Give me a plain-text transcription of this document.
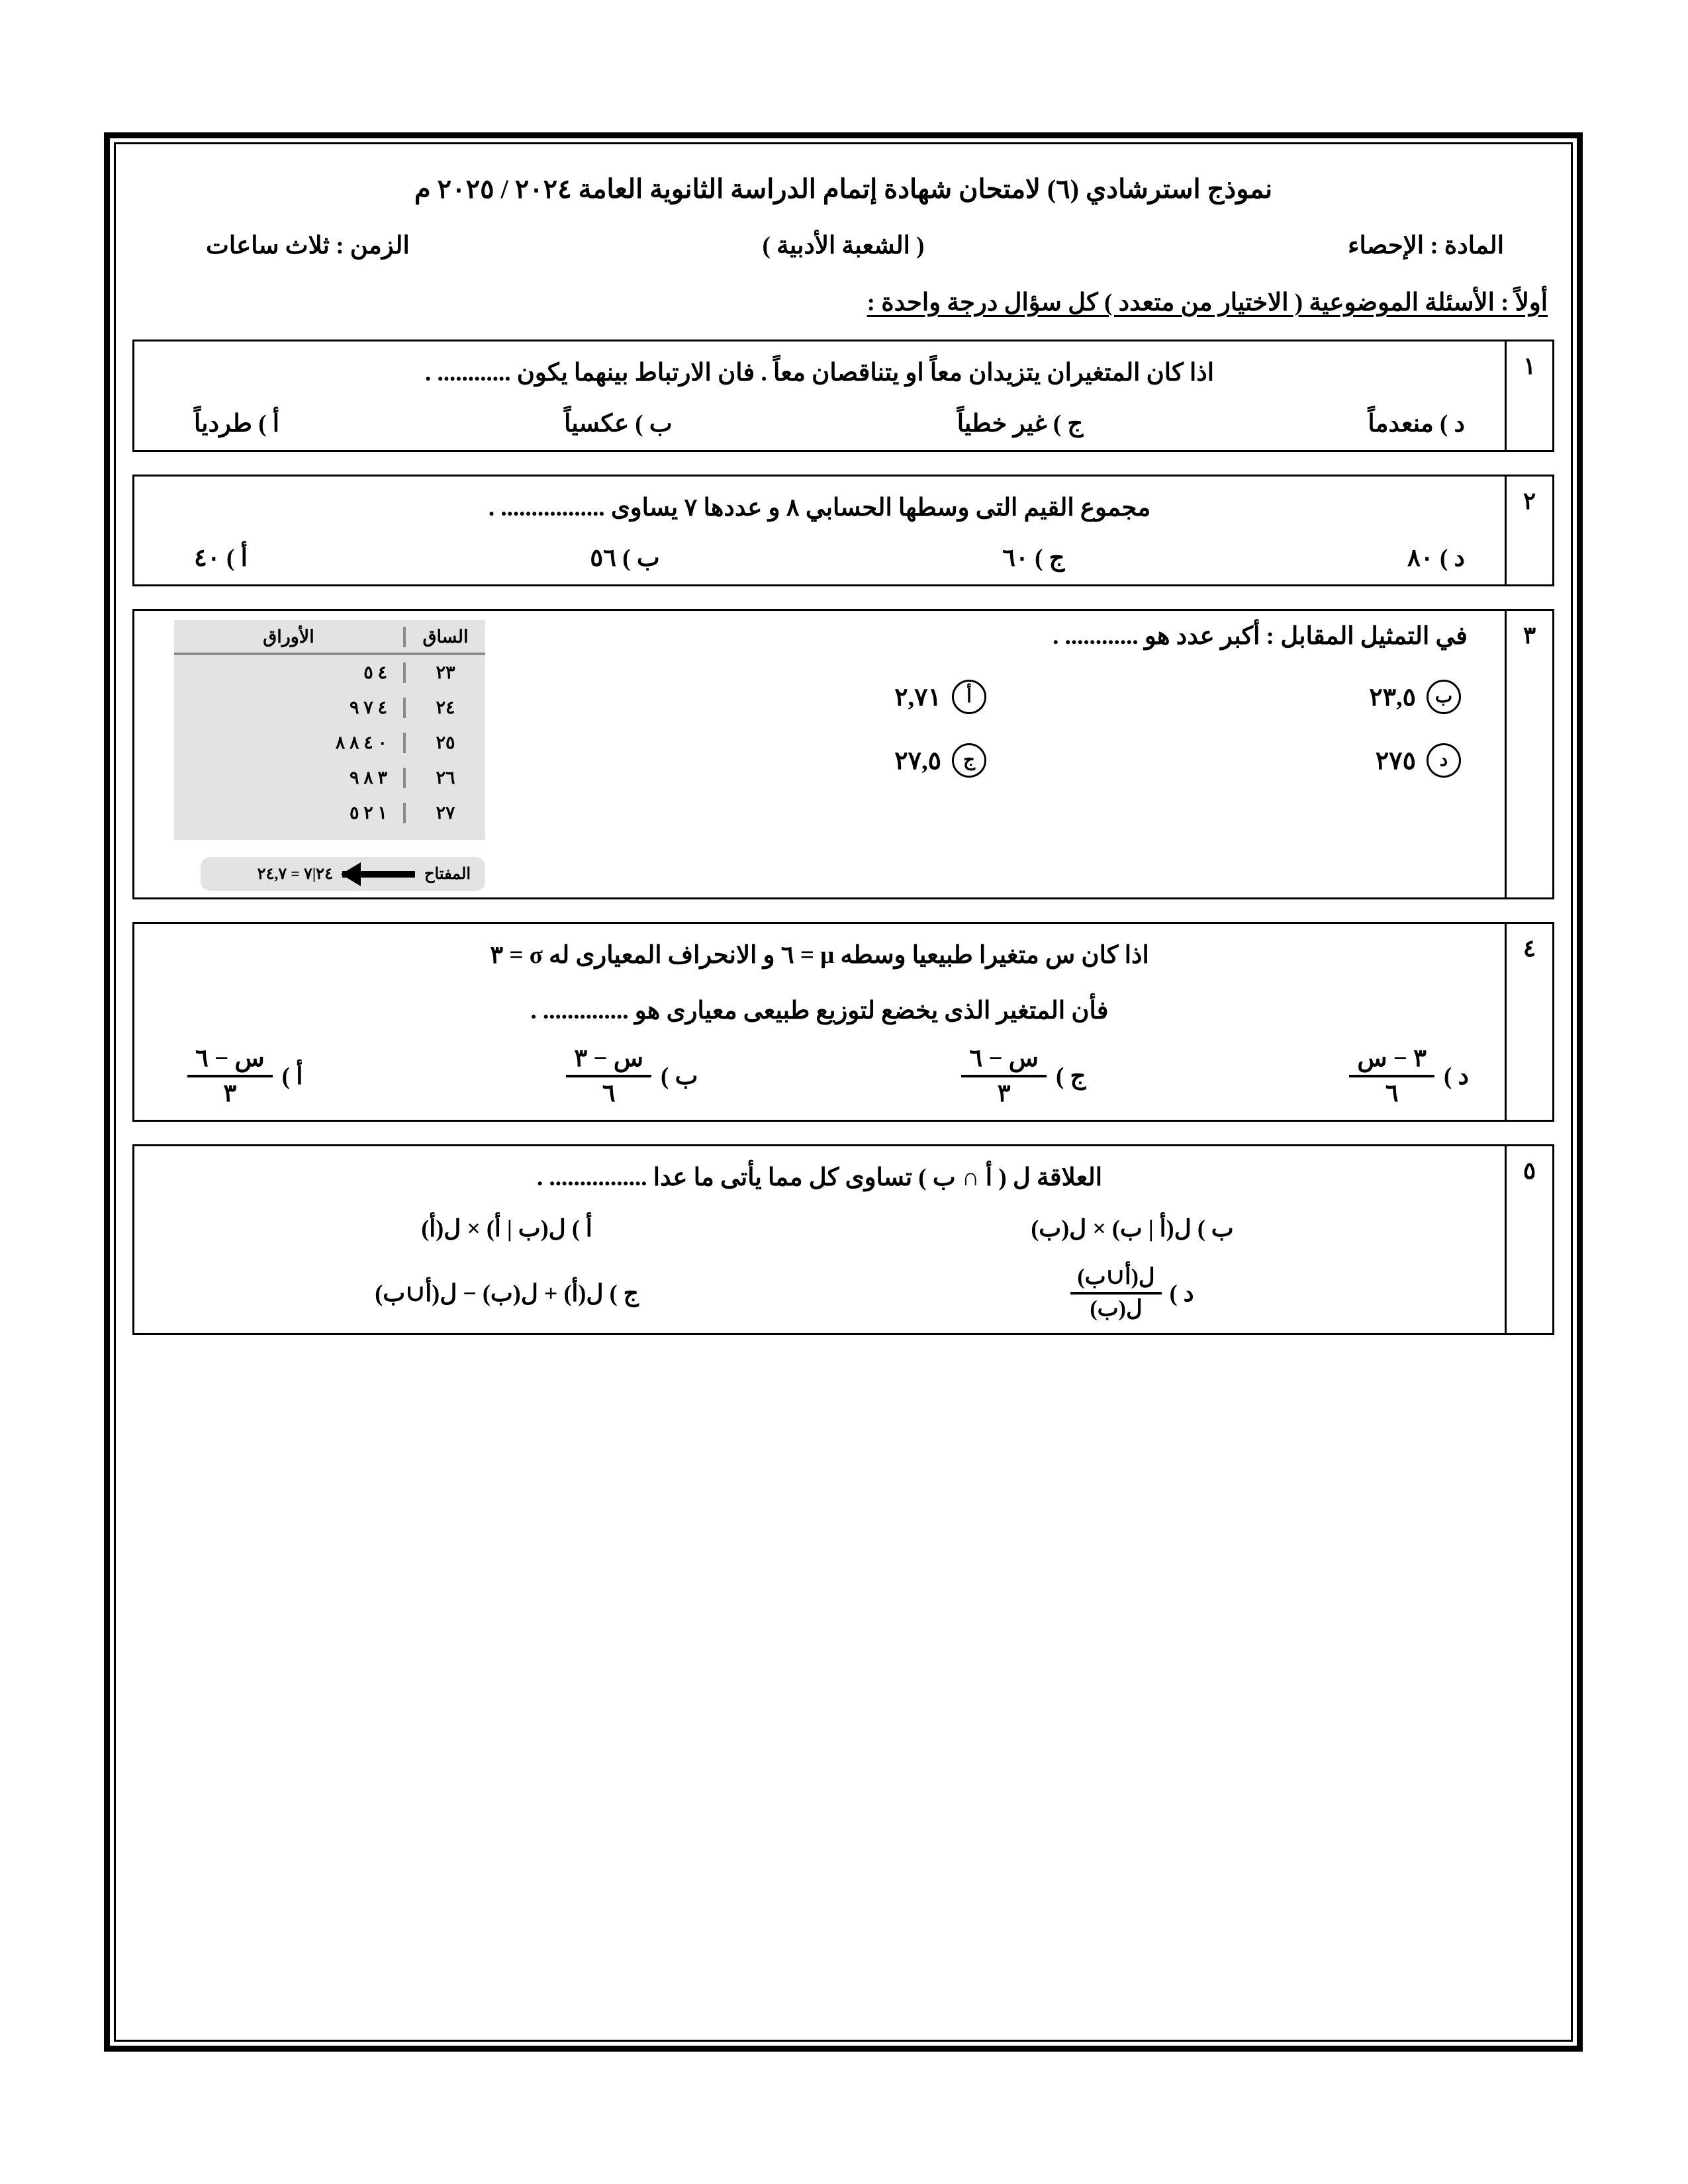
نموذج استرشادي (٦) لامتحان شهادة إتمام الدراسة الثانوية العامة ٢٠٢٤ / ٢٠٢٥ م
المادة : الإحصاء
( الشعبة الأدبية )
الزمن : ثلاث ساعات
أولاً : الأسئلة الموضوعية ( الاختيار من متعدد ) كل سؤال درجة واحدة :
١
اذا كان المتغيران يتزيدان معاً او يتناقصان معاً . فان الارتباط بينهما يكون ............ .
د ) منعدماً
ج ) غير خطياً
ب ) عكسياً
أ ) طردياً
٢
مجموع القيم التى وسطها الحسابي ٨ و عددها ٧ يساوى ................. .
د ) ٨٠
ج ) ٦٠
ب ) ٥٦
أ ) ٤٠
٣
في التمثيل المقابل : أكبر عدد هو ............ .
ب
٢٣,٥
أ
٢,٧١
د
٢٧٥
ج
٢٧,٥
الساق
الأوراق
٢٣
٤ ٥
٢٤
٤ ٧ ٩
٢٥
٠ ٤ ٨ ٨
٢٦
٣ ٨ ٩
٢٧
١ ٢ ٥
المفتاح
٢٤|٧ = ٢٤,٧
٤
اذا كان س متغيرا طبيعيا وسطه μ = ٦ و الانحراف المعيارى له σ = ٣
فأن المتغير الذى يخضع لتوزيع طبيعى معيارى هو .............. .
د )
$\frac{\text{٣ − س}}{٦}$
ج )
$\frac{\text{س − ٦}}{٣}$
ب )
$\frac{\text{س − ٣}}{٦}$
أ )
$\frac{\text{س − ٦}}{٣}$
٥
العلاقة ل ( أ ∩ ب ) تساوى كل مما يأتى ما عدا ................ .
ب ) ل(أ | ب) × ل(ب)
أ ) ل(ب | أ) × ل(أ)
د )
$\frac{\text{ل(أ∪ب)}}{\text{ل(ب)}}$
ج ) ل(أ) + ل(ب) − ل(أ∪ب)
